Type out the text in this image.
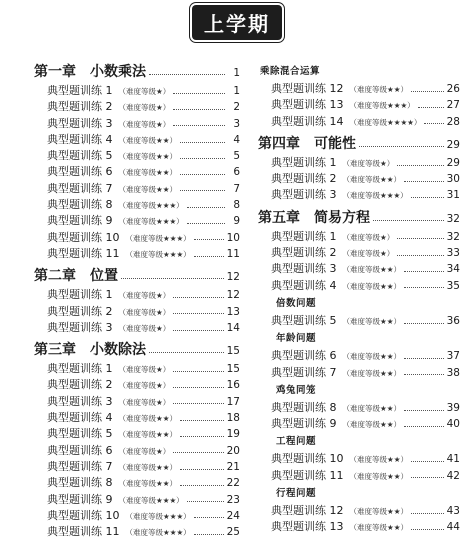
上学期
第一章 小数乘法	1
典型题训练 1 （难度等级★）	1
典型题训练 2 （难度等级★）	2
典型题训练 3 （难度等级★）	3
典型题训练 4 （难度等级★★）	4
典型题训练 5 （难度等级★★）	5
典型题训练 6 （难度等级★★）	6
典型题训练 7 （难度等级★★）	7
典型题训练 8 （难度等级★★★）	8
典型题训练 9 （难度等级★★★）	9
典型题训练 10 （难度等级★★★）	10
典型题训练 11 （难度等级★★★）	11
第二章 位置	12
典型题训练 1 （难度等级★）	12
典型题训练 2 （难度等级★）	13
典型题训练 3 （难度等级★）	14
第三章 小数除法	15
典型题训练 1 （难度等级★）	15
典型题训练 2 （难度等级★）	16
典型题训练 3 （难度等级★）	17
典型题训练 4 （难度等级★★）	18
典型题训练 5 （难度等级★★）	19
典型题训练 6 （难度等级★）	20
典型题训练 7 （难度等级★★）	21
典型题训练 8 （难度等级★★）	22
典型题训练 9 （难度等级★★★）	23
典型题训练 10 （难度等级★★★）	24
典型题训练 11 （难度等级★★★）	25
乘除混合运算
典型题训练 12 （难度等级★★）	26
典型题训练 13 （难度等级★★★）	27
典型题训练 14 （难度等级★★★★） 28
第四章 可能性	29
典型题训练 1 （难度等级★）	29
典型题训练 2 （难度等级★★）	30
典型题训练 3 （难度等级★★★）	31
第五章 简易方程	32
典型题训练 1 （难度等级★）	32
典型题训练 2 （难度等级★）	33
典型题训练 3 （难度等级★★）	34
典型题训练 4 （难度等级★★）	35
倍数问题
典型题训练 5 （难度等级★★）	36
年龄问题
典型题训练 6 （难度等级★★）	37
典型题训练 7 （难度等级★★）	38
鸡兔同笼
典型题训练 8 （难度等级★★）	39
典型题训练 9 （难度等级★★）	40
工程问题
典型题训练 10 （难度等级★★）	41
典型题训练 11 （难度等级★★）	42
行程问题
典型题训练 12 （难度等级★★）	43
典型题训练 13 （难度等级★★）	44
